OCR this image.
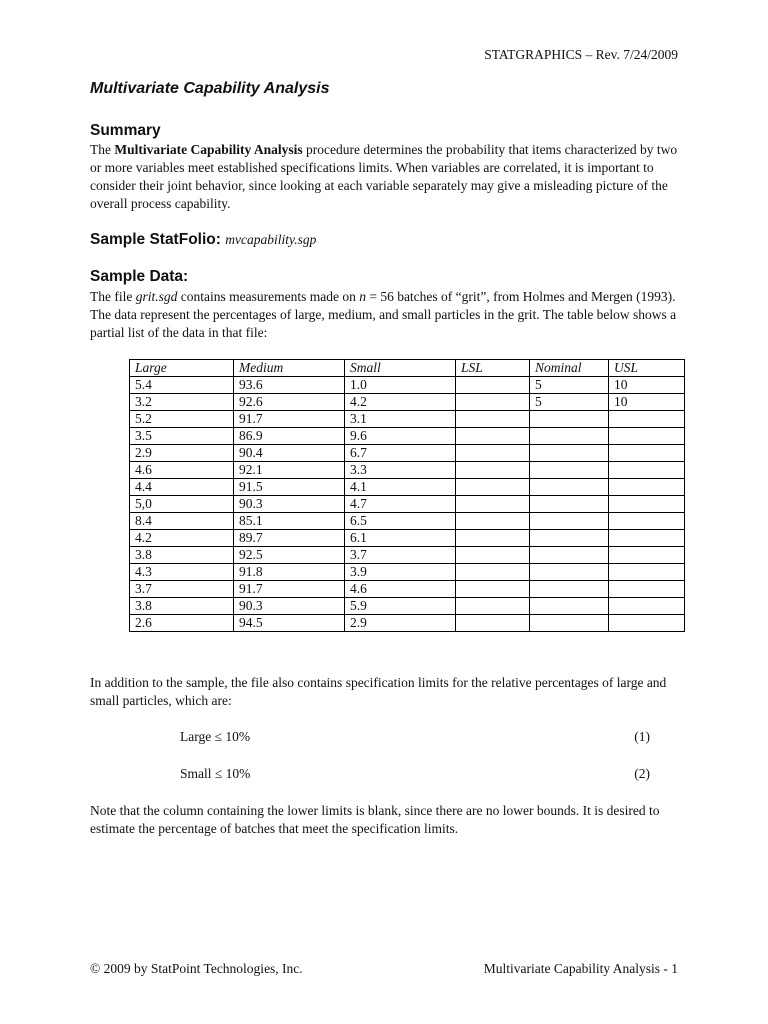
STATGRAPHICS – Rev. 7/24/2009
Multivariate Capability Analysis
Summary

The Multivariate Capability Analysis procedure determines the probability that items characterized by two or more variables meet established specifications limits. When variables are correlated, it is important to consider their joint behavior, since looking at each variable separately may give a misleading picture of the overall process capability.

Sample StatFolio: mvcapability.sgp
Sample Data:

The file grit.sgd contains measurements made on n = 56 batches of “grit”, from Holmes and Mergen (1993). The data represent the percentages of large, medium, and small particles in the grit. The table below shows a partial list of the data in that file:

Large	Medium	Small	LSL	Nominal	USL
5.4	93.6	1.0		5	10
3.2	92.6	4.2		5	10
5.2	91.7	3.1			
3.5	86.9	9.6			
2.9	90.4	6.7			
4.6	92.1	3.3			
4.4	91.5	4.1			
5,0	90.3	4.7			
8.4	85.1	6.5			
4.2	89.7	6.1			
3.8	92.5	3.7			
4.3	91.8	3.9			
3.7	91.7	4.6			
3.8	90.3	5.9			
2.6	94.5	2.9			

In addition to the sample, the file also contains specification limits for the relative percentages of large and small particles, which are:

Large ≤ 10%	(1)
Small ≤ 10%	(2)

Note that the column containing the lower limits is blank, since there are no lower bounds. It is desired to estimate the percentage of batches that meet the specification limits.

© 2009 by StatPoint Technologies, Inc.	Multivariate Capability Analysis - 1
